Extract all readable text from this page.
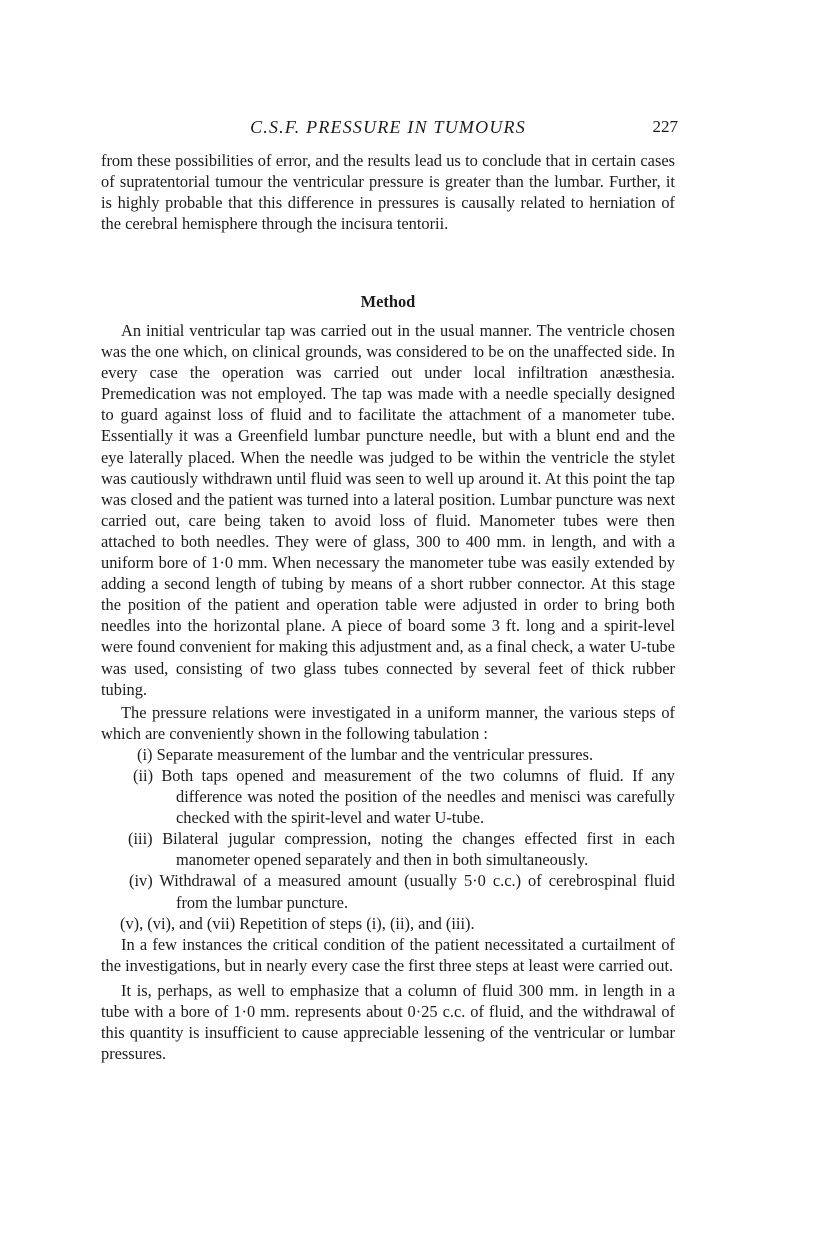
C.S.F. PRESSURE IN TUMOURS	227

from these possibilities of error, and the results lead us to conclude that in certain cases of supratentorial tumour the ventricular pressure is greater than the lumbar. Further, it is highly probable that this difference in pressures is causally related to herniation of the cerebral hemisphere through the incisura tentorii.

Method

An initial ventricular tap was carried out in the usual manner. The ventricle chosen was the one which, on clinical grounds, was considered to be on the unaffected side. In every case the operation was carried out under local infiltration anæsthesia. Premedication was not employed. The tap was made with a needle specially designed to guard against loss of fluid and to facilitate the attachment of a manometer tube. Essentially it was a Greenfield lumbar puncture needle, but with a blunt end and the eye laterally placed. When the needle was judged to be within the ventricle the stylet was cautiously withdrawn until fluid was seen to well up around it. At this point the tap was closed and the patient was turned into a lateral position. Lumbar puncture was next carried out, care being taken to avoid loss of fluid. Manometer tubes were then attached to both needles. They were of glass, 300 to 400 mm. in length, and with a uniform bore of 1·0 mm. When necessary the manometer tube was easily extended by adding a second length of tubing by means of a short rubber connector. At this stage the position of the patient and operation table were adjusted in order to bring both needles into the horizontal plane. A piece of board some 3 ft. long and a spirit-level were found convenient for making this adjustment and, as a final check, a water U-tube was used, consisting of two glass tubes connected by several feet of thick rubber tubing.

The pressure relations were investigated in a uniform manner, the various steps of which are conveniently shown in the following tabulation :

(i) Separate measurement of the lumbar and the ventricular pressures.
(ii) Both taps opened and measurement of the two columns of fluid. If any difference was noted the position of the needles and menisci was carefully checked with the spirit-level and water U-tube.
(iii) Bilateral jugular compression, noting the changes effected first in each manometer opened separately and then in both simultaneously.
(iv) Withdrawal of a measured amount (usually 5·0 c.c.) of cerebrospinal fluid from the lumbar puncture.
(v), (vi), and (vii) Repetition of steps (i), (ii), and (iii).

In a few instances the critical condition of the patient necessitated a curtailment of the investigations, but in nearly every case the first three steps at least were carried out.

It is, perhaps, as well to emphasize that a column of fluid 300 mm. in length in a tube with a bore of 1·0 mm. represents about 0·25 c.c. of fluid, and the withdrawal of this quantity is insufficient to cause appreciable lessening of the ventricular or lumbar pressures.
